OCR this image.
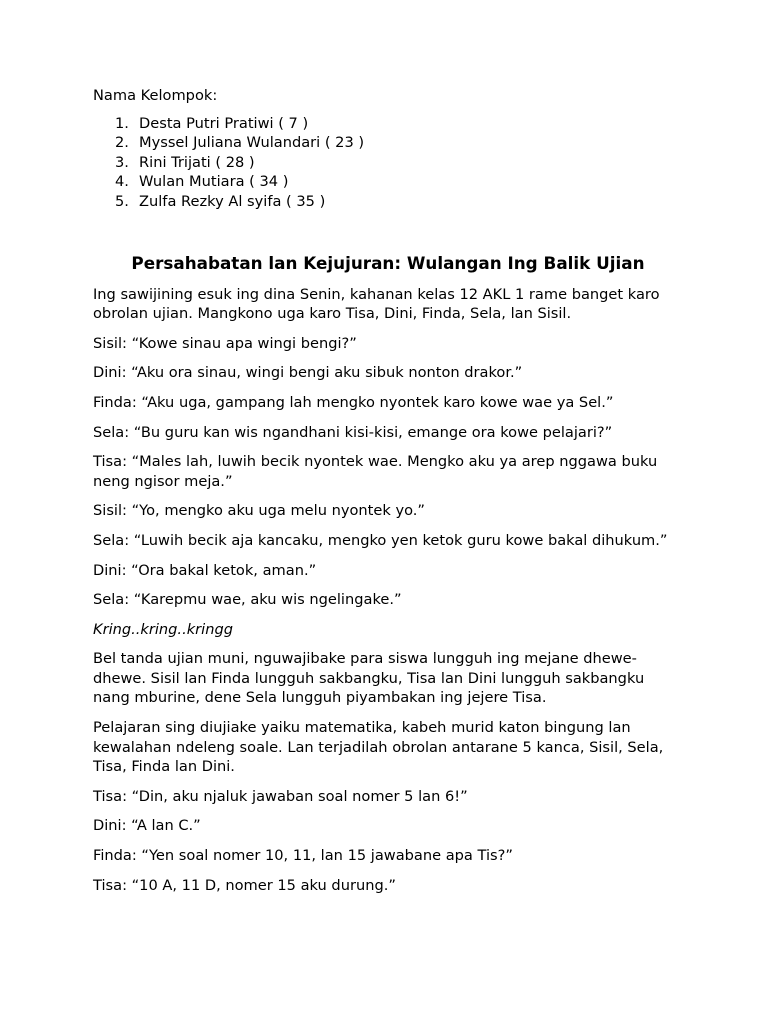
Nama Kelompok:
1. Desta Putri Pratiwi ( 7 )
2. Myssel Juliana Wulandari ( 23 )
3. Rini Trijati ( 28 )
4. Wulan Mutiara ( 34 )
5. Zulfa Rezky Al syifa ( 35 )
Persahabatan lan Kejujuran: Wulangan Ing Balik Ujian

Ing sawijining esuk ing dina Senin, kahanan kelas 12 AKL 1 rame banget karo obrolan ujian. Mangkono uga karo Tisa, Dini, Finda, Sela, lan Sisil.

Sisil: “Kowe sinau apa wingi bengi?”

Dini: “Aku ora sinau, wingi bengi aku sibuk nonton drakor.”

Finda: “Aku uga, gampang lah mengko nyontek karo kowe wae ya Sel.”

Sela: “Bu guru kan wis ngandhani kisi-kisi, emange ora kowe pelajari?”

Tisa: “Males lah, luwih becik nyontek wae. Mengko aku ya arep nggawa buku neng ngisor meja.”

Sisil: “Yo, mengko aku uga melu nyontek yo.”

Sela: “Luwih becik aja kancaku, mengko yen ketok guru kowe bakal dihukum.”

Dini: “Ora bakal ketok, aman.”

Sela: “Karepmu wae, aku wis ngelingake.”

Kring..kring..kringg

Bel tanda ujian muni, nguwajibake para siswa lungguh ing mejane dhewe-dhewe. Sisil lan Finda lungguh sakbangku, Tisa lan Dini lungguh sakbangku nang mburine, dene Sela lungguh piyambakan ing jejere Tisa.

Pelajaran sing diujiake yaiku matematika, kabeh murid katon bingung lan kewalahan ndeleng soale. Lan terjadilah obrolan antarane 5 kanca, Sisil, Sela, Tisa, Finda lan Dini.

Tisa: “Din, aku njaluk jawaban soal nomer 5 lan 6!”

Dini: “A lan C.”

Finda: “Yen soal nomer 10, 11, lan 15 jawabane apa Tis?”

Tisa: “10 A, 11 D, nomer 15 aku durung.”
